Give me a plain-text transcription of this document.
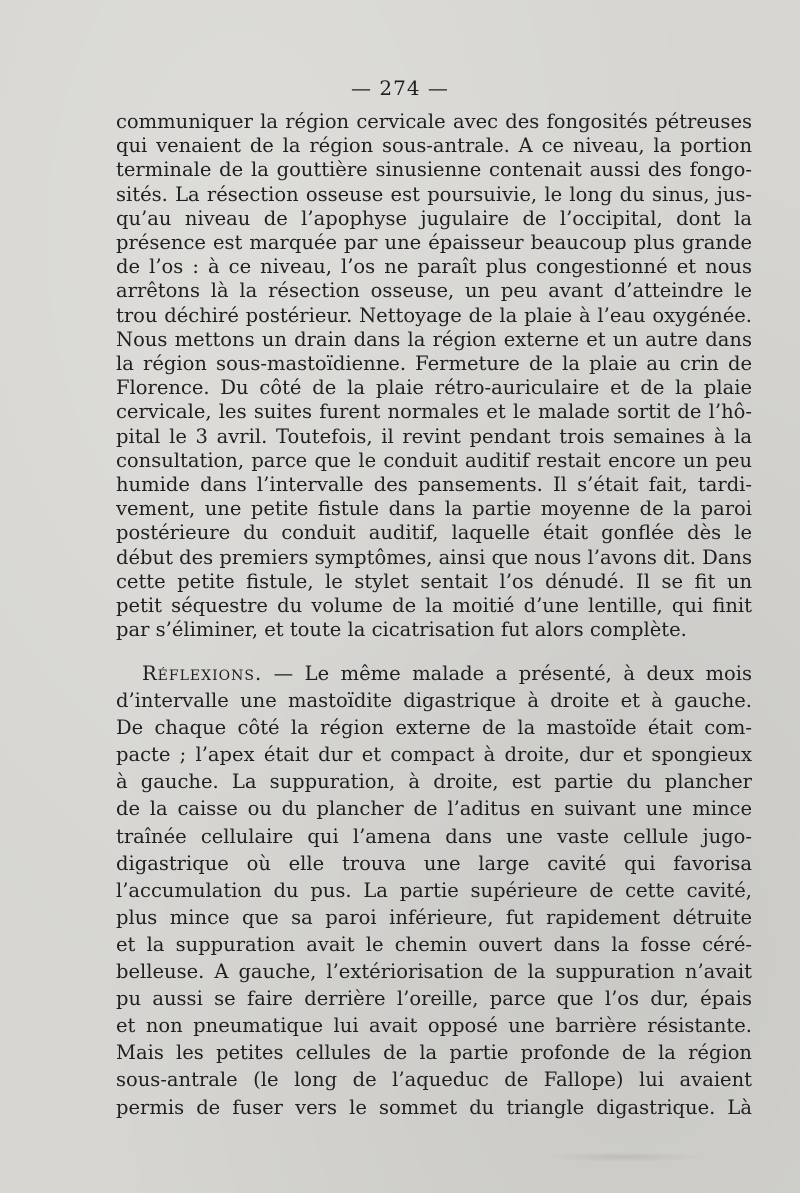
— 274 —
communiquer la région cervicale avec des fongosités pétreuses
qui venaient de la région sous-antrale. A ce niveau, la portion
terminale de la gouttière sinusienne contenait aussi des fongo-
sités. La résection osseuse est poursuivie, le long du sinus, jus-
qu’au niveau de l’apophyse jugulaire de l’occipital, dont la
présence est marquée par une épaisseur beaucoup plus grande
de l’os : à ce niveau, l’os ne paraît plus congestionné et nous
arrêtons là la résection osseuse, un peu avant d’atteindre le
trou déchiré postérieur. Nettoyage de la plaie à l’eau oxygénée.
Nous mettons un drain dans la région externe et un autre dans
la région sous-mastoïdienne. Fermeture de la plaie au crin de
Florence. Du côté de la plaie rétro-auriculaire et de la plaie
cervicale, les suites furent normales et le malade sortit de l’hô-
pital le 3 avril. Toutefois, il revint pendant trois semaines à la
consultation, parce que le conduit auditif restait encore un peu
humide dans l’intervalle des pansements. Il s’était fait, tardi-
vement, une petite fistule dans la partie moyenne de la paroi
postérieure du conduit auditif, laquelle était gonflée dès le
début des premiers symptômes, ainsi que nous l’avons dit. Dans
cette petite fistule, le stylet sentait l’os dénudé. Il se fit un
petit séquestre du volume de la moitié d’une lentille, qui finit
par s’éliminer, et toute la cicatrisation fut alors complète.
Réflexions. — Le même malade a présenté, à deux mois
d’intervalle une mastoïdite digastrique à droite et à gauche.
De chaque côté la région externe de la mastoïde était com-
pacte ; l’apex était dur et compact à droite, dur et spongieux
à gauche. La suppuration, à droite, est partie du plancher
de la caisse ou du plancher de l’aditus en suivant une mince
traînée cellulaire qui l’amena dans une vaste cellule jugo-
digastrique où elle trouva une large cavité qui favorisa
l’accumulation du pus. La partie supérieure de cette cavité,
plus mince que sa paroi inférieure, fut rapidement détruite
et la suppuration avait le chemin ouvert dans la fosse céré-
belleuse. A gauche, l’extériorisation de la suppuration n’avait
pu aussi se faire derrière l’oreille, parce que l’os dur, épais
et non pneumatique lui avait opposé une barrière résistante.
Mais les petites cellules de la partie profonde de la région
sous-antrale (le long de l’aqueduc de Fallope) lui avaient
permis de fuser vers le sommet du triangle digastrique. Là
